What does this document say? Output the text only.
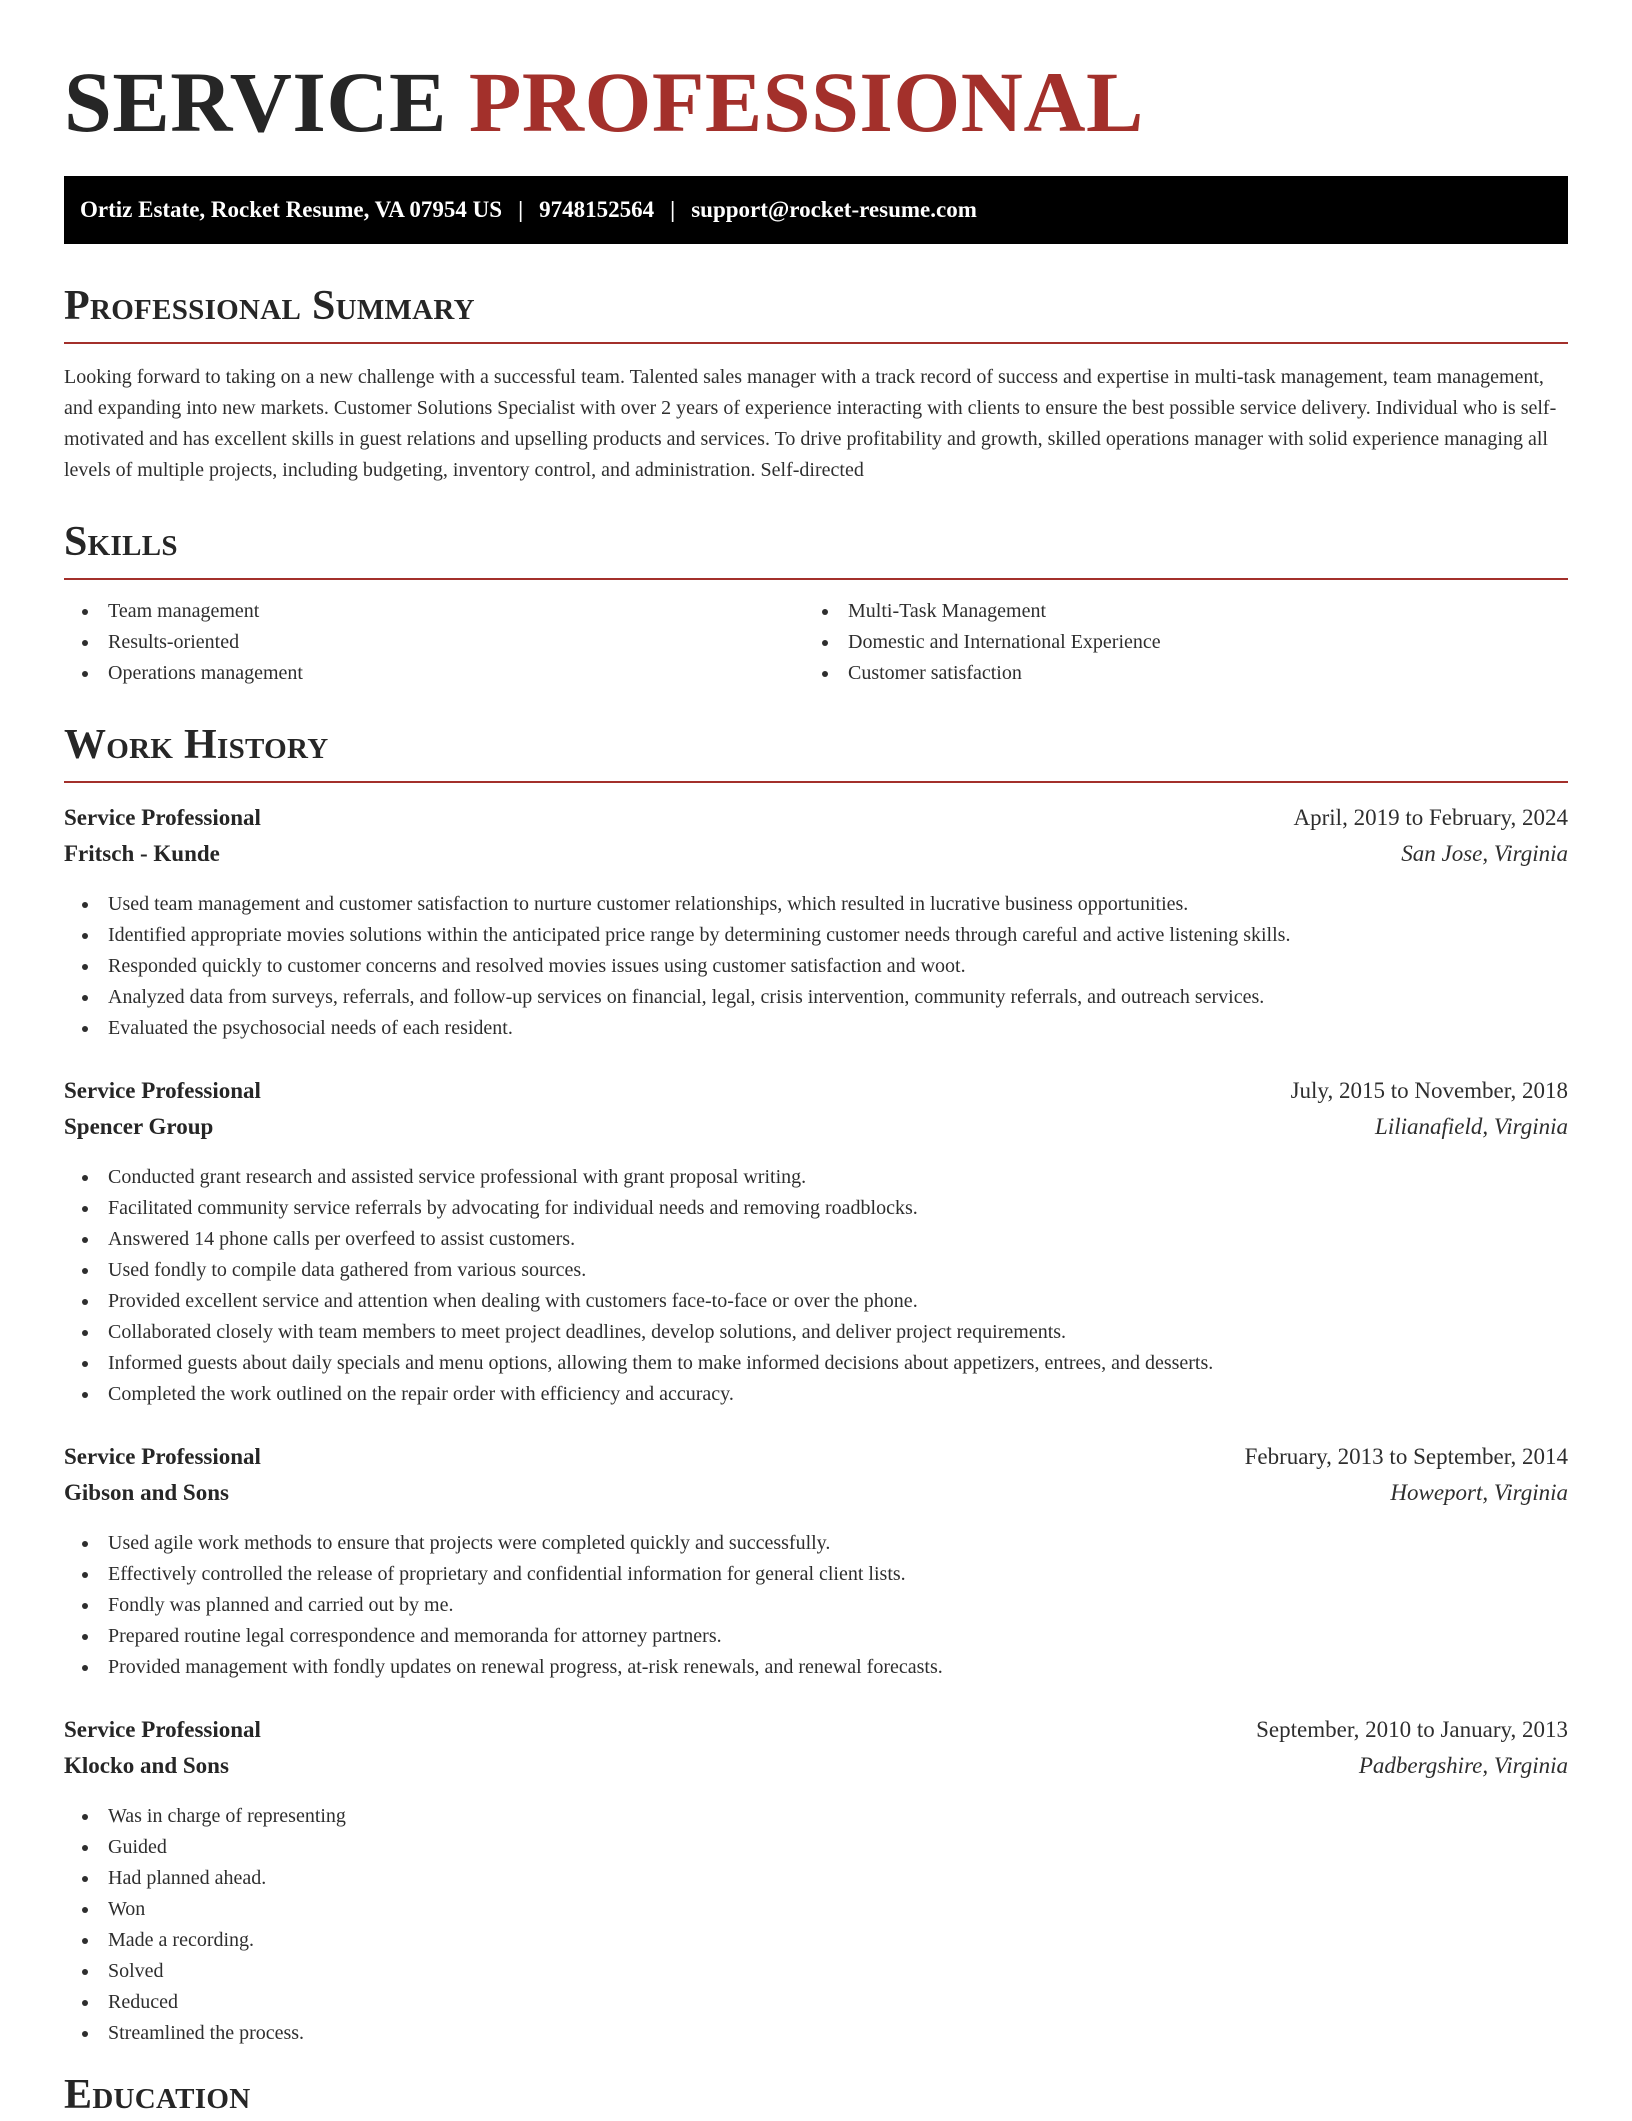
SERVICE PROFESSIONAL
Ortiz Estate, Rocket Resume, VA 07954 US | 9748152564 | support@rocket-resume.com
Professional Summary

Looking forward to taking on a new challenge with a successful team. Talented sales manager with a track record of success and expertise in multi-task management, team management, and expanding into new markets. Customer Solutions Specialist with over 2 years of experience interacting with clients to ensure the best possible service delivery. Individual who is self-motivated and has excellent skills in guest relations and upselling products and services. To drive profitability and growth, skilled operations manager with solid experience managing all levels of multiple projects, including budgeting, inventory control, and administration. Self-directed

Skills
Team management
Results-oriented
Operations management
Multi-Task Management
Domestic and International Experience
Customer satisfaction
Work History
Service Professional	April, 2019 to February, 2024
Fritsch - Kunde	San Jose, Virginia
Used team management and customer satisfaction to nurture customer relationships, which resulted in lucrative business opportunities.
Identified appropriate movies solutions within the anticipated price range by determining customer needs through careful and active listening skills.
Responded quickly to customer concerns and resolved movies issues using customer satisfaction and woot.
Analyzed data from surveys, referrals, and follow-up services on financial, legal, crisis intervention, community referrals, and outreach services.
Evaluated the psychosocial needs of each resident.
Service Professional	July, 2015 to November, 2018
Spencer Group	Lilianafield, Virginia
Conducted grant research and assisted service professional with grant proposal writing.
Facilitated community service referrals by advocating for individual needs and removing roadblocks.
Answered 14 phone calls per overfeed to assist customers.
Used fondly to compile data gathered from various sources.
Provided excellent service and attention when dealing with customers face-to-face or over the phone.
Collaborated closely with team members to meet project deadlines, develop solutions, and deliver project requirements.
Informed guests about daily specials and menu options, allowing them to make informed decisions about appetizers, entrees, and desserts.
Completed the work outlined on the repair order with efficiency and accuracy.
Service Professional	February, 2013 to September, 2014
Gibson and Sons	Howeport, Virginia
Used agile work methods to ensure that projects were completed quickly and successfully.
Effectively controlled the release of proprietary and confidential information for general client lists.
Fondly was planned and carried out by me.
Prepared routine legal correspondence and memoranda for attorney partners.
Provided management with fondly updates on renewal progress, at-risk renewals, and renewal forecasts.
Service Professional	September, 2010 to January, 2013
Klocko and Sons	Padbergshire, Virginia
Was in charge of representing
Guided
Had planned ahead.
Won
Made a recording.
Solved
Reduced
Streamlined the process.
Education
